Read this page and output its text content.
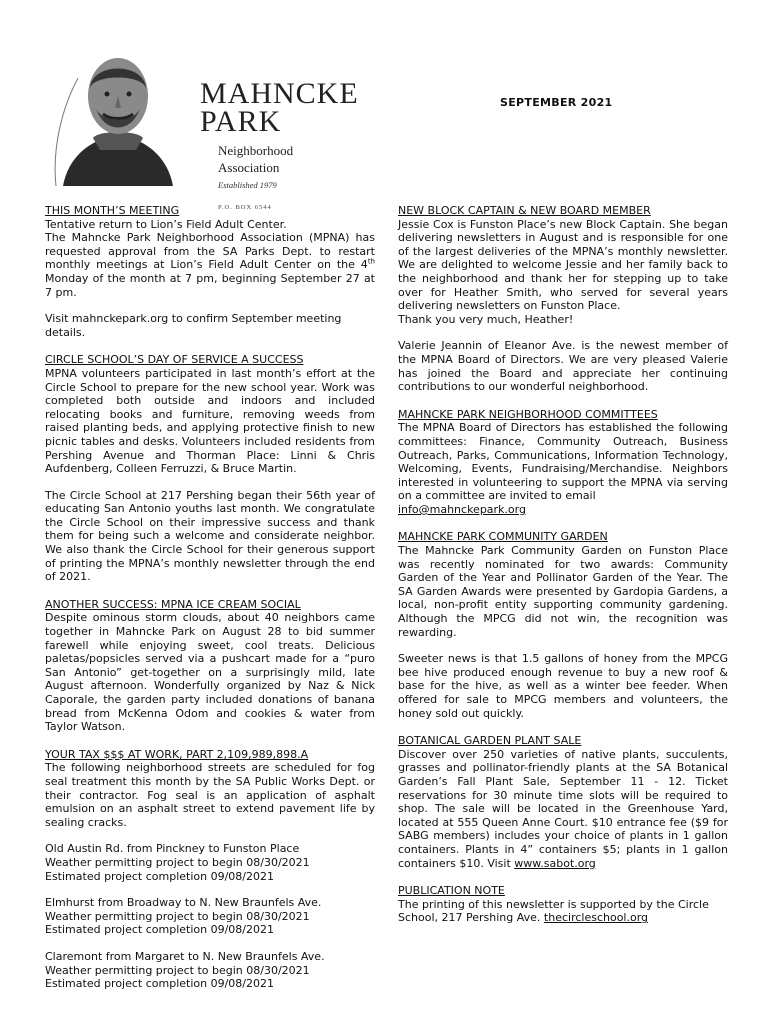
MAHNCKE
PARK
Neighborhood
Association
Established 1979
P.O. BOX 6544
SEPTEMBER 2021
THIS MONTH’S MEETING
Tentative return to Lion’s Field Adult Center.
The Mahncke Park Neighborhood Association (MPNA) has requested approval from the SA Parks Dept. to restart monthly meetings at Lion’s Field Adult Center on the 4th Monday of the month at 7 pm, beginning September 27 at 7 pm.
Visit mahnckepark.org to confirm September meeting details.
CIRCLE SCHOOL’S DAY OF SERVICE A SUCCESS
MPNA volunteers participated in last month’s effort at the Circle School to prepare for the new school year. Work was completed both outside and indoors and included relocating books and furniture, removing weeds from raised planting beds, and applying protective finish to new picnic tables and desks. Volunteers included residents from Pershing Avenue and Thorman Place: Linni & Chris Aufdenberg, Colleen Ferruzzi, & Bruce Martin.
The Circle School at 217 Pershing began their 56th year of educating San Antonio youths last month. We congratulate the Circle School on their impressive success and thank them for being such a welcome and considerate neighbor. We also thank the Circle School for their generous support of printing the MPNA’s monthly newsletter through the end of 2021.
ANOTHER SUCCESS: MPNA ICE CREAM SOCIAL
Despite ominous storm clouds, about 40 neighbors came together in Mahncke Park on August 28 to bid summer farewell while enjoying sweet, cool treats. Delicious paletas/popsicles served via a pushcart made for a “puro San Antonio” get-together on a surprisingly mild, late August afternoon. Wonderfully organized by Naz & Nick Caporale, the garden party included donations of banana bread from McKenna Odom and cookies & water from Taylor Watson.
YOUR TAX $$$ AT WORK, PART 2,109,989,898.A
The following neighborhood streets are scheduled for fog seal treatment this month by the SA Public Works Dept. or their contractor. Fog seal is an application of asphalt emulsion on an asphalt street to extend pavement life by sealing cracks.
Old Austin Rd. from Pinckney to Funston Place
Weather permitting project to begin 08/30/2021
Estimated project completion 09/08/2021
Elmhurst from Broadway to N. New Braunfels Ave.
Weather permitting project to begin 08/30/2021
Estimated project completion 09/08/2021
Claremont from Margaret to N. New Braunfels Ave.
Weather permitting project to begin 08/30/2021
Estimated project completion 09/08/2021
NEW BLOCK CAPTAIN & NEW BOARD MEMBER
Jessie Cox is Funston Place’s new Block Captain. She began delivering newsletters in August and is responsible for one of the largest deliveries of the MPNA’s monthly newsletter. We are delighted to welcome Jessie and her family back to the neighborhood and thank her for stepping up to take over for Heather Smith, who served for several years delivering newsletters on Funston Place.
Thank you very much, Heather!
Valerie Jeannin of Eleanor Ave. is the newest member of the MPNA Board of Directors. We are very pleased Valerie has joined the Board and appreciate her continuing contributions to our wonderful neighborhood.
MAHNCKE PARK NEIGHBORHOOD COMMITTEES
The MPNA Board of Directors has established the following committees: Finance, Community Outreach, Business Outreach, Parks, Communications, Information Technology, Welcoming, Events, Fundraising/Merchandise. Neighbors interested in volunteering to support the MPNA via serving on a committee are invited to email
info@mahnckepark.org
MAHNCKE PARK COMMUNITY GARDEN
The Mahncke Park Community Garden on Funston Place was recently nominated for two awards: Community Garden of the Year and Pollinator Garden of the Year. The SA Garden Awards were presented by Gardopia Gardens, a local, non-profit entity supporting community gardening. Although the MPCG did not win, the recognition was rewarding.
Sweeter news is that 1.5 gallons of honey from the MPCG bee hive produced enough revenue to buy a new roof & base for the hive, as well as a winter bee feeder. When offered for sale to MPCG members and volunteers, the honey sold out quickly.
BOTANICAL GARDEN PLANT SALE
Discover over 250 varieties of native plants, succulents, grasses and pollinator-friendly plants at the SA Botanical Garden’s Fall Plant Sale, September 11 - 12. Ticket reservations for 30 minute time slots will be required to shop. The sale will be located in the Greenhouse Yard, located at 555 Queen Anne Court. $10 entrance fee ($9 for SABG members) includes your choice of plants in 1 gallon containers. Plants in 4” containers $5; plants in 1 gallon containers $10. Visit www.sabot.org
PUBLICATION NOTE
The printing of this newsletter is supported by the Circle School, 217 Pershing Ave. thecircleschool.org
